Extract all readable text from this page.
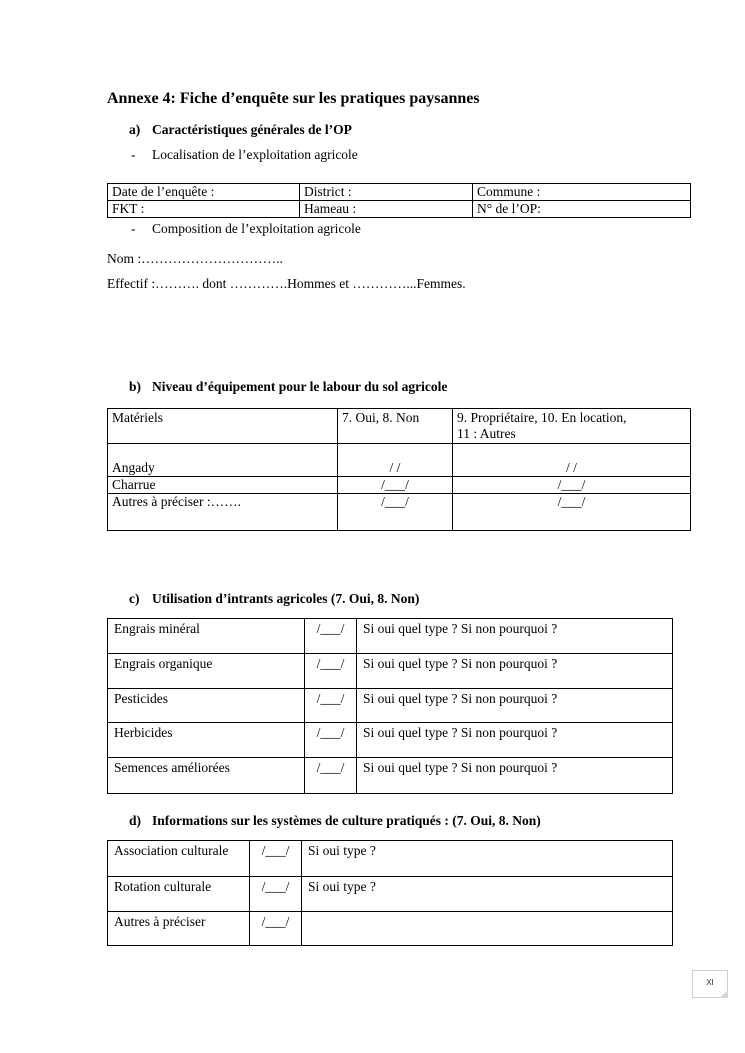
Annexe 4: Fiche d’enquête sur les pratiques paysannes
a) Caractéristiques générales de l’OP
- Localisation de l’exploitation agricole
Date de l’enquête :	District :	Commune :
FKT :	Hameau :	N° de l’OP:
- Composition de l’exploitation agricole
Nom :…………………………..
Effectif :………. dont ………….Hommes et …………...Femmes.
b) Niveau d’équipement pour le labour du sol agricole
Matériels	7. Oui, 8. Non	9. Propriétaire, 10. En location,
11 : Autres

Angady	/ /	/ /
Charrue	/___/	/___/
Autres à préciser :…….	/___/	/___/
c) Utilisation d’intrants agricoles (7. Oui, 8. Non)
Engrais minéral	/___/	Si oui quel type ? Si non pourquoi ?
Engrais organique	/___/	Si oui quel type ? Si non pourquoi ?
Pesticides	/___/	Si oui quel type ? Si non pourquoi ?
Herbicides	/___/	Si oui quel type ? Si non pourquoi ?
Semences améliorées	/___/	Si oui quel type ? Si non pourquoi ?
d) Informations sur les systèmes de culture pratiqués : (7. Oui, 8. Non)
Association culturale	/___/	Si oui type ?
Rotation culturale	/___/	Si oui type ?
Autres à préciser	/___/	
XI
